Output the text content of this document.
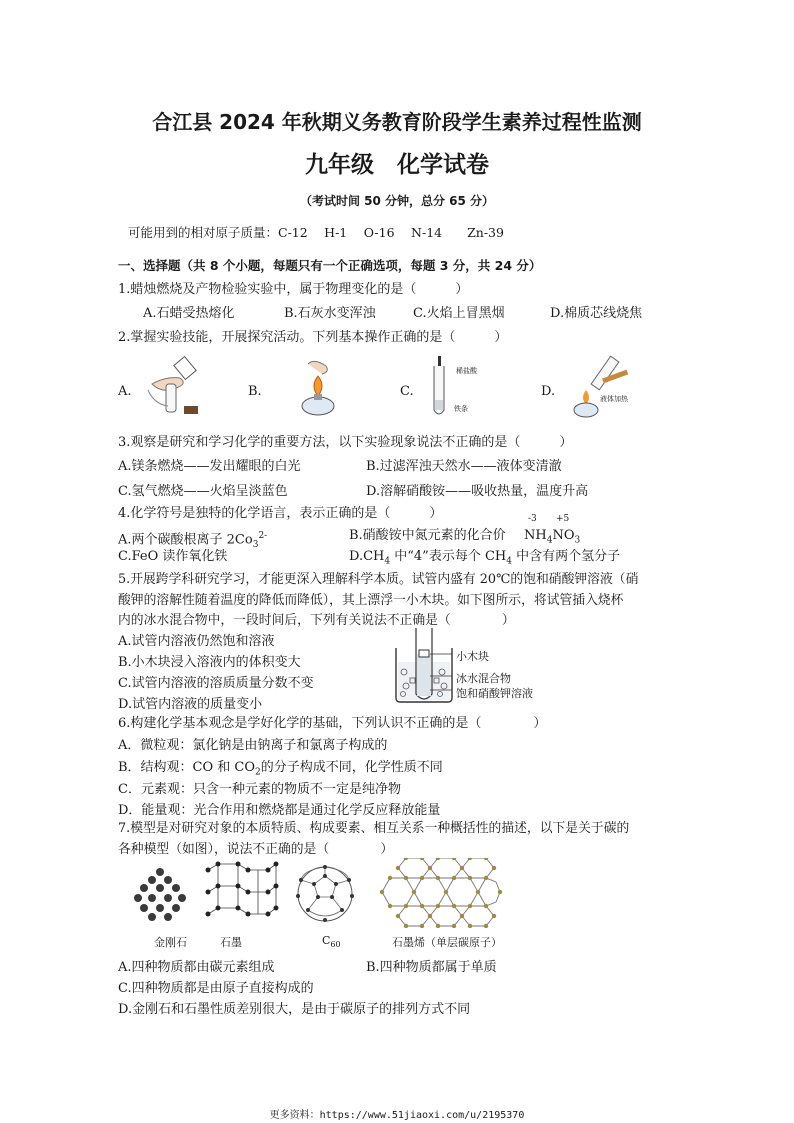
合江县 2024 年秋期义务教育阶段学生素养过程性监测
九年级　化学试卷
（考试时间 50 分钟，总分 65 分）
可能用到的相对原子质量：C-12　 H-1　 O-16　 N-14　　Zn-39
一、选择题（共 8 个小题，每题只有一个正确选项，每题 3 分，共 24 分）
1.蜡烛燃烧及产物检验实验中，属于物理变化的是（　　　）
A.石蜡受热熔化	B.石灰水变浑浊	C.火焰上冒黑烟	D.棉质芯线烧焦
2.掌握实验技能，开展探究活动。下列基本操作正确的是（　　　）
A.	B.	C.
稀盐酸
铁条
D.	液体加热
3.观察是研究和学习化学的重要方法，以下实验现象说法不正确的是（　　　）
A.镁条燃烧——发出耀眼的白光	B.过滤浑浊天然水——液体变清澈
C.氢气燃烧——火焰呈淡蓝色	D.溶解硝酸铵——吸收热量，温度升高
4.化学符号是独特的化学语言，表示正确的是（　　　）
A.两个碳酸根离子 $2Co_3^{2-}$	B.硝酸铵中氮元素的化合价
-3 +5
$NH_4NO_3$
C.FeO 读作氧化铁	$D.CH_4$ 中“4”表示每个 $CH_4$ 中含有两个氢分子
5.开展跨学科研究学习，才能更深入理解科学本质。试管内盛有 20℃的饱和硝酸钾溶液（硝
酸钾的溶解性随着温度的降低而降低），其上漂浮一小木块。如下图所示，将试管插入烧杯
内的冰水混合物中，一段时间后，下列有关说法不正确是（　　　　）
A.试管内溶液仍然饱和溶液
B.小木块浸入溶液内的体积变大
C.试管内溶液的溶质质量分数不变
D.试管内溶液的质量变小
小木块
冰水混合物
饱和硝酸钾溶液
6.构建化学基本观念是学好化学的基础，下列认识不正确的是（　　　　）
A．微粒观：氯化钠是由钠离子和氯离子构成的
B．结构观：CO 和 $CO_2$的分子构成不同，化学性质不同
C．元素观：只含一种元素的物质不一定是纯净物
D．能量观：光合作用和燃烧都是通过化学反应释放能量
7.模型是对研究对象的本质特质、构成要素、相互关系一种概括性的描述，以下是关于碳的
各种模型（如图），说法不正确的是（　　　　）
金刚石	石墨	$C_{60}$	石墨烯（单层碳原子）
A.四种物质都由碳元素组成	B.四种物质都属于单质
C.四种物质都是由原子直接构成的
D.金刚石和石墨性质差别很大，是由于碳原子的排列方式不同
更多资料：https://www.51jiaoxi.com/u/2195370
